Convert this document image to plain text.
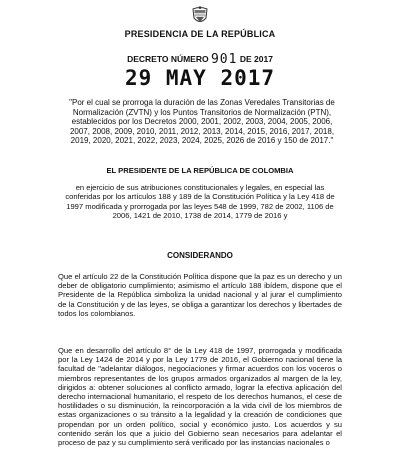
PRESIDENCIA DE LA REPÚBLICA
DECRETO NÚMERO 901 DE 2017
29 MAY 2017
"Por el cual se prorroga la duración de las Zonas Veredales Transitorias de Normalización (ZVTN) y los Puntos Transitorios de Normalización (PTN), establecidos por los Decretos 2000, 2001, 2002, 2003, 2004, 2005, 2006, 2007, 2008, 2009, 2010, 2011, 2012, 2013, 2014, 2015, 2016, 2017, 2018, 2019, 2020, 2021, 2022, 2023, 2024, 2025, 2026 de 2016 y 150 de 2017."
EL PRESIDENTE DE LA REPÚBLICA DE COLOMBIA
en ejercicio de sus atribuciones constitucionales y legales, en especial las conferidas por los artículos 188 y 189 de la Constitución Política y la Ley 418 de 1997 modificada y prorrogada por las leyes 548 de 1999, 782 de 2002, 1106 de 2006, 1421 de 2010, 1738 de 2014, 1779 de 2016 y
CONSIDERANDO
Que el artículo 22 de la Constitución Política dispone que la paz es un derecho y un deber de obligatorio cumplimiento; asimismo el artículo 188 ibídem, dispone que el Presidente de la República simboliza la unidad nacional y al jurar el cumplimiento de la Constitución y de las leyes, se obliga a garantizar los derechos y libertades de todos los colombianos.
Que en desarrollo del artículo 8° de la Ley 418 de 1997, prorrogada y modificada por la Ley 1424 de 2014 y por la Ley 1779 de 2016, el Gobierno nacional tiene la facultad de "adelantar diálogos, negociaciones y firmar acuerdos con los voceros o miembros representantes de los grupos armados organizados al margen de la ley, dirigidos a: obtener soluciones al conflicto armado, lograr la efectiva aplicación del derecho internacional humanitario, el respeto de los derechos humanos, el cese de hostilidades o su disminución, la reincorporación a la vida civil de los miembros de estas organizaciones o su tránsito a la legalidad y la creación de condiciones que propendan por un orden político, social y económico justo. Los acuerdos y su contenido serán los que a juicio del Gobierno sean necesarios para adelantar el proceso de paz y su cumplimiento será verificado por las instancias nacionales o
